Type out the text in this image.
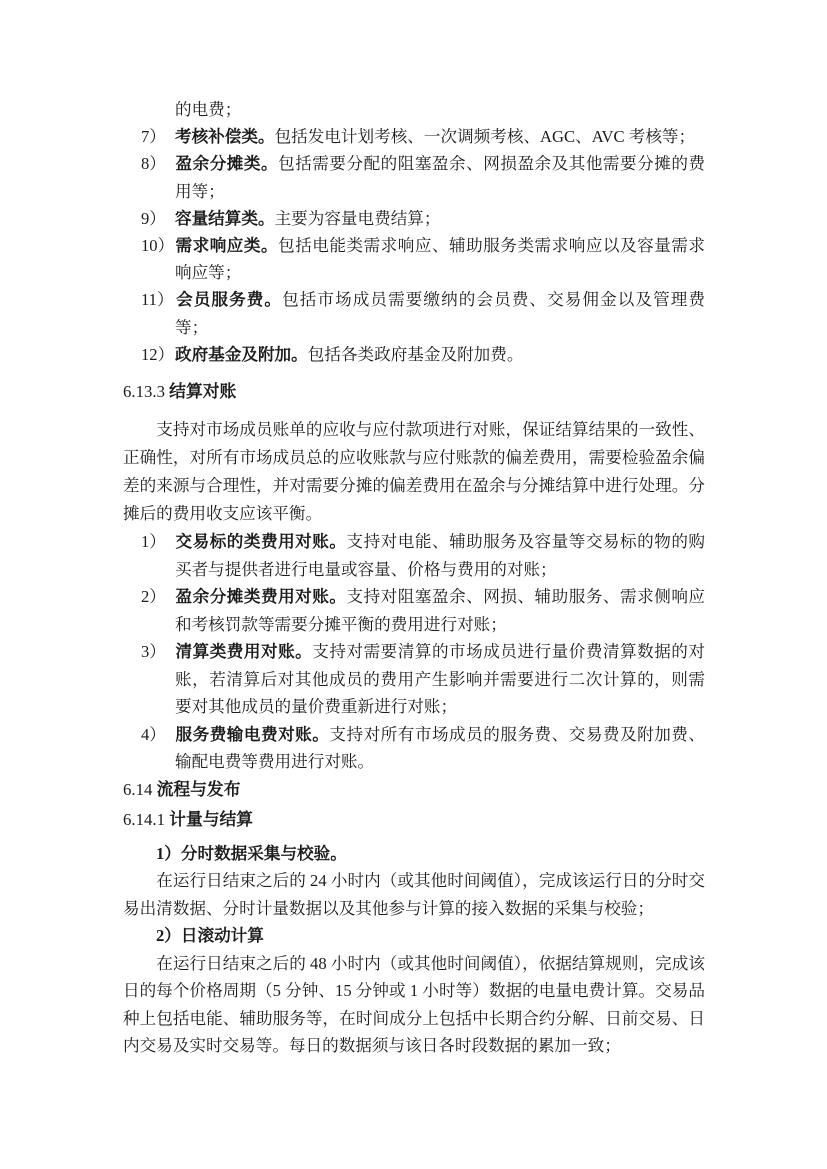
的电费；
7） 考核补偿类。包括发电计划考核、一次调频考核、AGC、AVC 考核等；
8） 盈余分摊类。包括需要分配的阻塞盈余、网损盈余及其他需要分摊的费用等；
9） 容量结算类。主要为容量电费结算；
10）需求响应类。包括电能类需求响应、辅助服务类需求响应以及容量需求响应等；
11）会员服务费。包括市场成员需要缴纳的会员费、交易佣金以及管理费等；
12）政府基金及附加。包括各类政府基金及附加费。
6.13.3 结算对账

支持对市场成员账单的应收与应付款项进行对账，保证结算结果的一致性、正确性，对所有市场成员总的应收账款与应付账款的偏差费用，需要检验盈余偏差的来源与合理性，并对需要分摊的偏差费用在盈余与分摊结算中进行处理。分摊后的费用收支应该平衡。

1） 交易标的类费用对账。支持对电能、辅助服务及容量等交易标的物的购买者与提供者进行电量或容量、价格与费用的对账；
2） 盈余分摊类费用对账。支持对阻塞盈余、网损、辅助服务、需求侧响应和考核罚款等需要分摊平衡的费用进行对账；
3） 清算类费用对账。支持对需要清算的市场成员进行量价费清算数据的对账，若清算后对其他成员的费用产生影响并需要进行二次计算的，则需要对其他成员的量价费重新进行对账；
4） 服务费输电费对账。支持对所有市场成员的服务费、交易费及附加费、输配电费等费用进行对账。
6.14 流程与发布
6.14.1 计量与结算

1）分时数据采集与校验。

在运行日结束之后的 24 小时内（或其他时间阈值），完成该运行日的分时交易出清数据、分时计量数据以及其他参与计算的接入数据的采集与校验；

2）日滚动计算

在运行日结束之后的 48 小时内（或其他时间阈值），依据结算规则，完成该日的每个价格周期（5 分钟、15 分钟或 1 小时等）数据的电量电费计算。交易品种上包括电能、辅助服务等，在时间成分上包括中长期合约分解、日前交易、日内交易及实时交易等。每日的数据须与该日各时段数据的累加一致；
